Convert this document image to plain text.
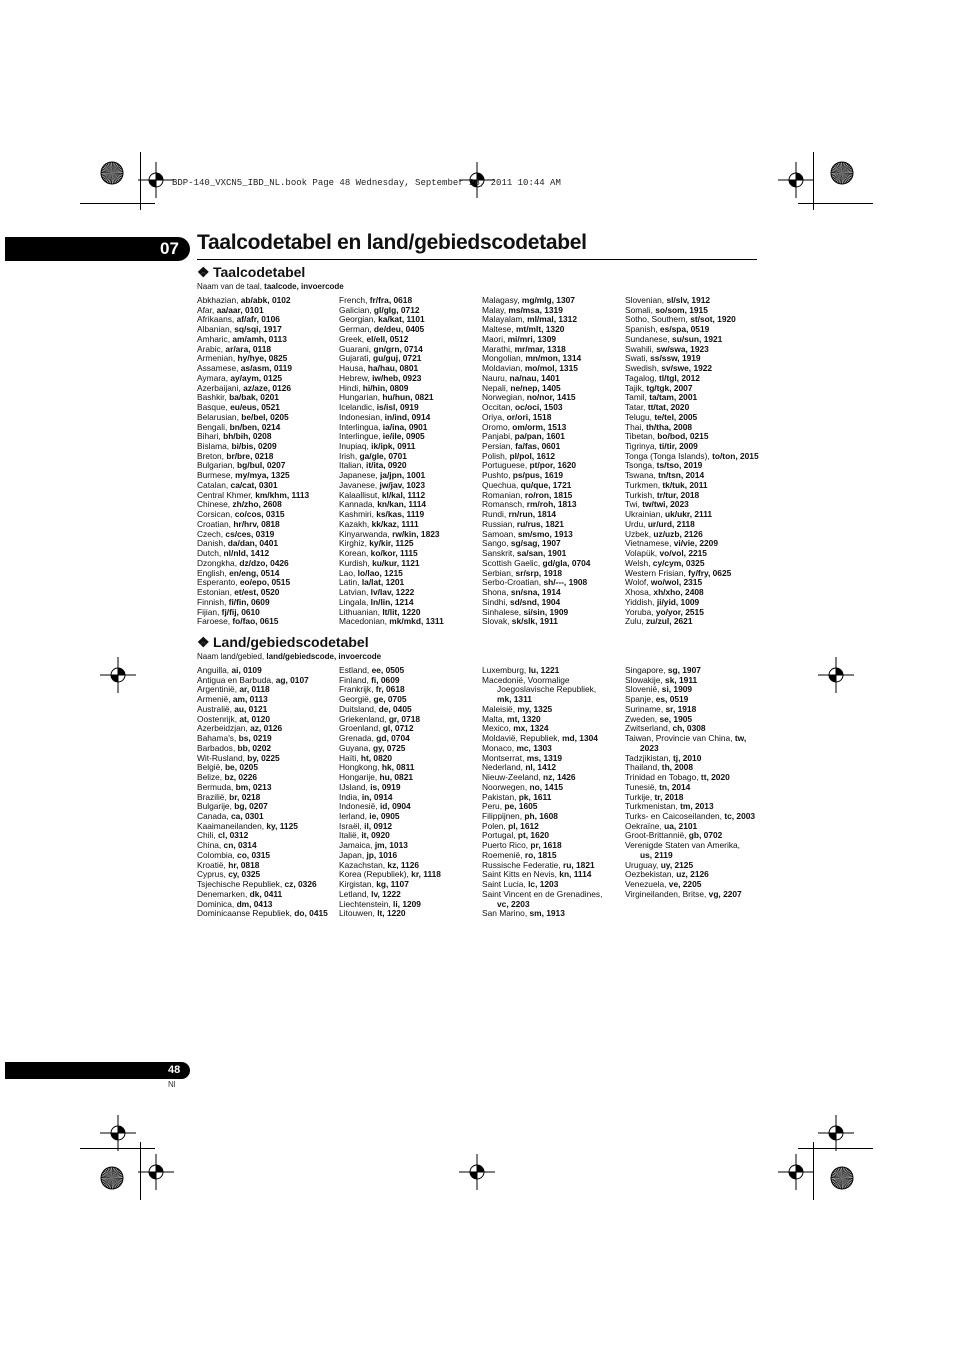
BDP-140_VXCN5_IBD_NL.book Page 48 Wednesday, September 28, 2011 10:44 AM
07 Taalcodetabel en land/gebiedscodetabel
❖ Taalcodetabel
Naam van de taal, taalcode, invoercode
Abkhazian, ab/abk, 0102
Afar, aa/aar, 0101
Afrikaans, af/afr, 0106
Albanian, sq/sqi, 1917
Amharic, am/amh, 0113
Arabic, ar/ara, 0118
Armenian, hy/hye, 0825
Assamese, as/asm, 0119
Aymara, ay/aym, 0125
Azerbaijani, az/aze, 0126
Bashkir, ba/bak, 0201
Basque, eu/eus, 0521
Belarusian, be/bel, 0205
Bengali, bn/ben, 0214
Bihari, bh/bih, 0208
Bislama, bi/bis, 0209
Breton, br/bre, 0218
Bulgarian, bg/bul, 0207
Burmese, my/mya, 1325
Catalan, ca/cat, 0301
Central Khmer, km/khm, 1113
Chinese, zh/zho, 2608
Corsican, co/cos, 0315
Croatian, hr/hrv, 0818
Czech, cs/ces, 0319
Danish, da/dan, 0401
Dutch, nl/nld, 1412
Dzongkha, dz/dzo, 0426
English, en/eng, 0514
Esperanto, eo/epo, 0515
Estonian, et/est, 0520
Finnish, fi/fin, 0609
Fijian, fj/fij, 0610
Faroese, fo/fao, 0615
French, fr/fra, 0618
Galician, gl/glg, 0712
Georgian, ka/kat, 1101
German, de/deu, 0405
Greek, el/ell, 0512
Guarani, gn/grn, 0714
Gujarati, gu/guj, 0721
Hausa, ha/hau, 0801
Hebrew, iw/heb, 0923
Hindi, hi/hin, 0809
Hungarian, hu/hun, 0821
Icelandic, is/isl, 0919
Indonesian, in/ind, 0914
Interlingua, ia/ina, 0901
Interlingue, ie/ile, 0905
Inupiaq, ik/ipk, 0911
Irish, ga/gle, 0701
Italian, it/ita, 0920
Japanese, ja/jpn, 1001
Javanese, jw/jav, 1023
Kalaallisut, kl/kal, 1112
Kannada, kn/kan, 1114
Kashmiri, ks/kas, 1119
Kazakh, kk/kaz, 1111
Kinyarwanda, rw/kin, 1823
Kirghiz, ky/kir, 1125
Korean, ko/kor, 1115
Kurdish, ku/kur, 1121
Lao, lo/lao, 1215
Latin, la/lat, 1201
Latvian, lv/lav, 1222
Lingala, ln/lin, 1214
Lithuanian, lt/lit, 1220
Macedonian, mk/mkd, 1311
Malagasy, mg/mlg, 1307
Malay, ms/msa, 1319
Malayalam, ml/mal, 1312
Maltese, mt/mlt, 1320
Maori, mi/mri, 1309
Marathi, mr/mar, 1318
Mongolian, mn/mon, 1314
Moldavian, mo/mol, 1315
Nauru, na/nau, 1401
Nepali, ne/nep, 1405
Norwegian, no/nor, 1415
Occitan, oc/oci, 1503
Oriya, or/ori, 1518
Oromo, om/orm, 1513
Panjabi, pa/pan, 1601
Persian, fa/fas, 0601
Polish, pl/pol, 1612
Portuguese, pt/por, 1620
Pushto, ps/pus, 1619
Quechua, qu/que, 1721
Romanian, ro/ron, 1815
Romansch, rm/roh, 1813
Rundi, rn/run, 1814
Russian, ru/rus, 1821
Samoan, sm/smo, 1913
Sango, sg/sag, 1907
Sanskrit, sa/san, 1901
Scottish Gaelic, gd/gla, 0704
Serbian, sr/srp, 1918
Serbo-Croatian, sh/---, 1908
Shona, sn/sna, 1914
Sindhi, sd/snd, 1904
Sinhalese, si/sin, 1909
Slovak, sk/slk, 1911
Slovenian, sl/slv, 1912
Somali, so/som, 1915
Sotho, Southern, st/sot, 1920
Spanish, es/spa, 0519
Sundanese, su/sun, 1921
Swahili, sw/swa, 1923
Swati, ss/ssw, 1919
Swedish, sv/swe, 1922
Tagalog, tl/tgl, 2012
Tajik, tg/tgk, 2007
Tamil, ta/tam, 2001
Tatar, tt/tat, 2020
Telugu, te/tel, 2005
Thai, th/tha, 2008
Tibetan, bo/bod, 0215
Tigrinya, ti/tir, 2009
Tonga (Tonga Islands), to/ton, 2015
Tsonga, ts/tso, 2019
Tswana, tn/tsn, 2014
Turkmen, tk/tuk, 2011
Turkish, tr/tur, 2018
Twi, tw/twi, 2023
Ukrainian, uk/ukr, 2111
Urdu, ur/urd, 2118
Uzbek, uz/uzb, 2126
Vietnamese, vi/vie, 2209
Volapük, vo/vol, 2215
Welsh, cy/cym, 0325
Western Frisian, fy/fry, 0625
Wolof, wo/wol, 2315
Xhosa, xh/xho, 2408
Yiddish, ji/yid, 1009
Yoruba, yo/yor, 2515
Zulu, zu/zul, 2621
❖ Land/gebiedscodetabel
Naam land/gebied, land/gebiedscode, invoercode
Anguilla, ai, 0109
Antigua en Barbuda, ag, 0107
Argentinië, ar, 0118
Armenië, am, 0113
Australië, au, 0121
Oostenrijk, at, 0120
Azerbeidzjan, az, 0126
Bahama's, bs, 0219
Barbados, bb, 0202
Wit-Rusland, by, 0225
België, be, 0205
Belize, bz, 0226
Bermuda, bm, 0213
Brazilië, br, 0218
Bulgarije, bg, 0207
Canada, ca, 0301
Kaaimaneilanden, ky, 1125
Chili, cl, 0312
China, cn, 0314
Colombia, co, 0315
Kroatië, hr, 0818
Cyprus, cy, 0325
Tsjechische Republiek, cz, 0326
Denemarken, dk, 0411
Dominica, dm, 0413
Dominicaanse Republiek, do, 0415
Estland, ee, 0505
Finland, fi, 0609
Frankrijk, fr, 0618
Georgië, ge, 0705
Duitsland, de, 0405
Griekenland, gr, 0718
Groenland, gl, 0712
Grenada, gd, 0704
Guyana, gy, 0725
Haïti, ht, 0820
Hongkong, hk, 0811
Hongarije, hu, 0821
IJsland, is, 0919
India, in, 0914
Indonesië, id, 0904
Ierland, ie, 0905
Israël, il, 0912
Italië, it, 0920
Jamaica, jm, 1013
Japan, jp, 1016
Kazachstan, kz, 1126
Korea (Republiek), kr, 1118
Kirgistan, kg, 1107
Letland, lv, 1222
Liechtenstein, li, 1209
Litouwen, lt, 1220
Luxemburg, lu, 1221
Macedonië, Voormalige
Joegoslavische Republiek,
mk, 1311
Maleisië, my, 1325
Malta, mt, 1320
Mexico, mx, 1324
Moldavië, Republiek, md, 1304
Monaco, mc, 1303
Montserrat, ms, 1319
Nederland, nl, 1412
Nieuw-Zeeland, nz, 1426
Noorwegen, no, 1415
Pakistan, pk, 1611
Peru, pe, 1605
Filippijnen, ph, 1608
Polen, pl, 1612
Portugal, pt, 1620
Puerto Rico, pr, 1618
Roemenië, ro, 1815
Russische Federatie, ru, 1821
Saint Kitts en Nevis, kn, 1114
Saint Lucia, lc, 1203
Saint Vincent en de Grenadines,
vc, 2203
San Marino, sm, 1913
Singapore, sg, 1907
Slowakije, sk, 1911
Slovenië, si, 1909
Spanje, es, 0519
Suriname, sr, 1918
Zweden, se, 1905
Zwitserland, ch, 0308
Taiwan, Provincie van China, tw,
2023
Tadzjikistan, tj, 2010
Thailand, th, 2008
Trinidad en Tobago, tt, 2020
Tunesië, tn, 2014
Turkije, tr, 2018
Turkmenistan, tm, 2013
Turks- en Caicoseilanden, tc, 2003
Oekraïne, ua, 2101
Groot-Brittannië, gb, 0702
Verenigde Staten van Amerika,
us, 2119
Uruguay, uy, 2125
Oezbekistan, uz, 2126
Venezuela, ve, 2205
Virgineilanden, Britse, vg, 2207
48
Nl
